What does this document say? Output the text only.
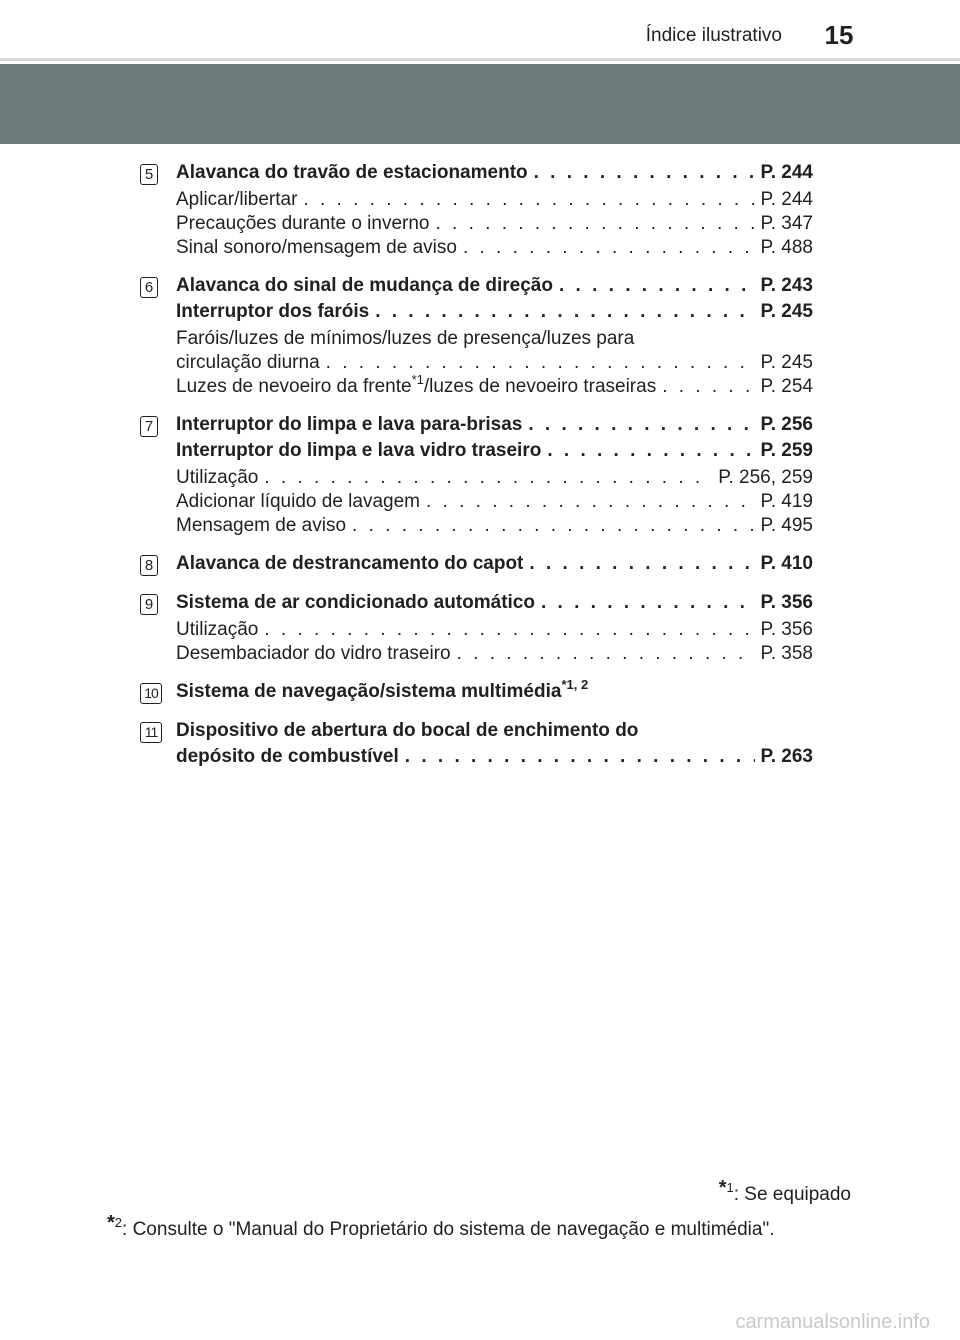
Índice ilustrativo	15
5 Alavanca do travão de estacionamento . . .	P. 244
Aplicar/libertar . . .	P. 244
Precauções durante o inverno . . .	P. 347
Sinal sonoro/mensagem de aviso . . .	P. 488
6 Alavanca do sinal de mudança de direção . . .	P. 243
Interruptor dos faróis . . .	P. 245
Faróis/luzes de mínimos/luzes de presença/luzes para
circulação diurna . . .	P. 245
Luzes de nevoeiro da frente$^{*1}$/luzes de nevoeiro traseiras . . .	P. 254
7 Interruptor do limpa e lava para-brisas . . .	P. 256
Interruptor do limpa e lava vidro traseiro . . .	P. 259
Utilização . . .	P. 256, 259
Adicionar líquido de lavagem . . .	P. 419
Mensagem de aviso . . .	P. 495
8 Alavanca de destrancamento do capot . . .	P. 410
9 Sistema de ar condicionado automático . . .	P. 356
Utilização . . .	P. 356
Desembaciador do vidro traseiro . . .	P. 358
10 Sistema de navegação/sistema multimédia$^{*1, 2}$
11 Dispositivo de abertura do bocal de enchimento do
depósito de combustível . . .	P. 263
*$^1$: Se equipado
*$^2$: Consulte o "Manual do Proprietário do sistema de navegação e multimédia".
carmanualsonline.info
